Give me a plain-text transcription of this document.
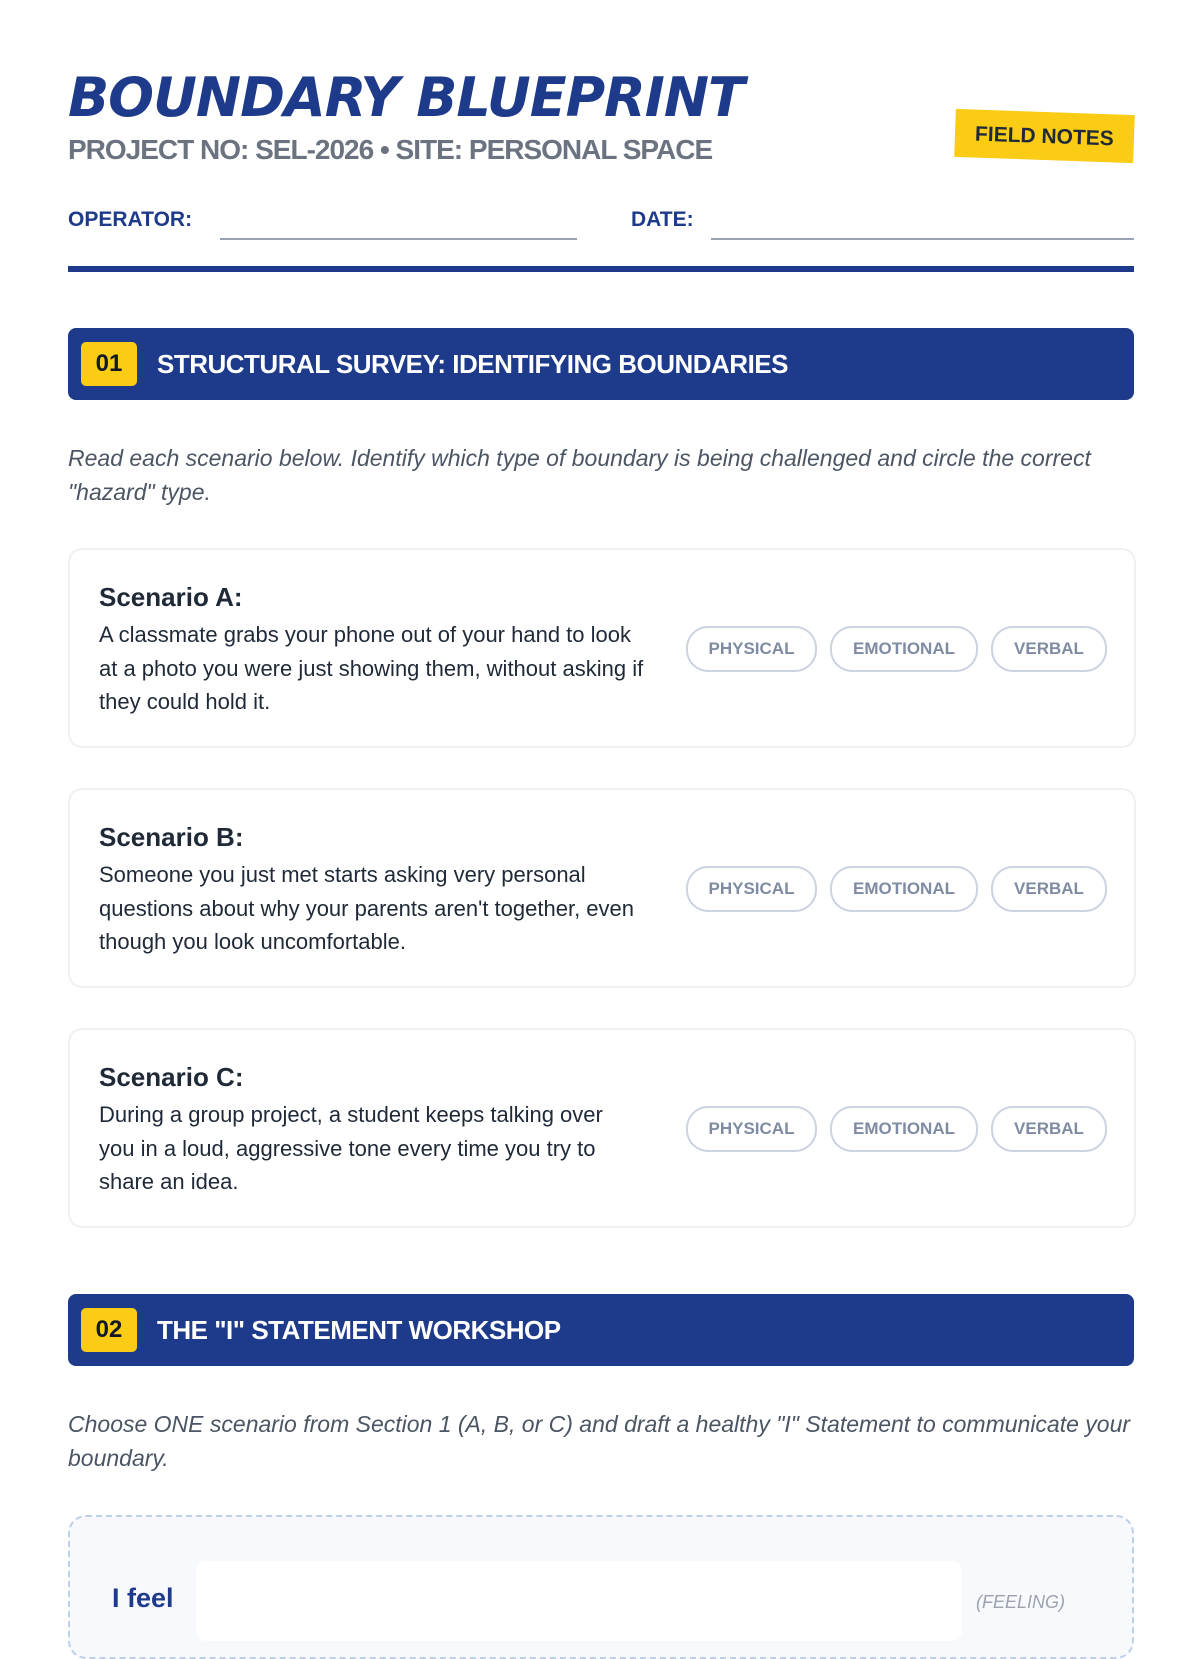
BOUNDARY BLUEPRINT
PROJECT NO: SEL-2026 • SITE: PERSONAL SPACE	FIELD NOTES
OPERATOR:	DATE:
01	STRUCTURAL SURVEY: IDENTIFYING BOUNDARIES
Read each scenario below. Identify which type of boundary is being challenged and circle the correct "hazard" type.
Scenario A:
A classmate grabs your phone out of your hand to look at a photo you were just showing them, without asking if they could hold it.
PHYSICAL	EMOTIONAL	VERBAL
Scenario B:
Someone you just met starts asking very personal questions about why your parents aren't together, even though you look uncomfortable.
PHYSICAL	EMOTIONAL	VERBAL
Scenario C:
During a group project, a student keeps talking over you in a loud, aggressive tone every time you try to share an idea.
PHYSICAL	EMOTIONAL	VERBAL
02	THE "I" STATEMENT WORKSHOP
Choose ONE scenario from Section 1 (A, B, or C) and draft a healthy "I" Statement to communicate your boundary.
I feel	(FEELING)
